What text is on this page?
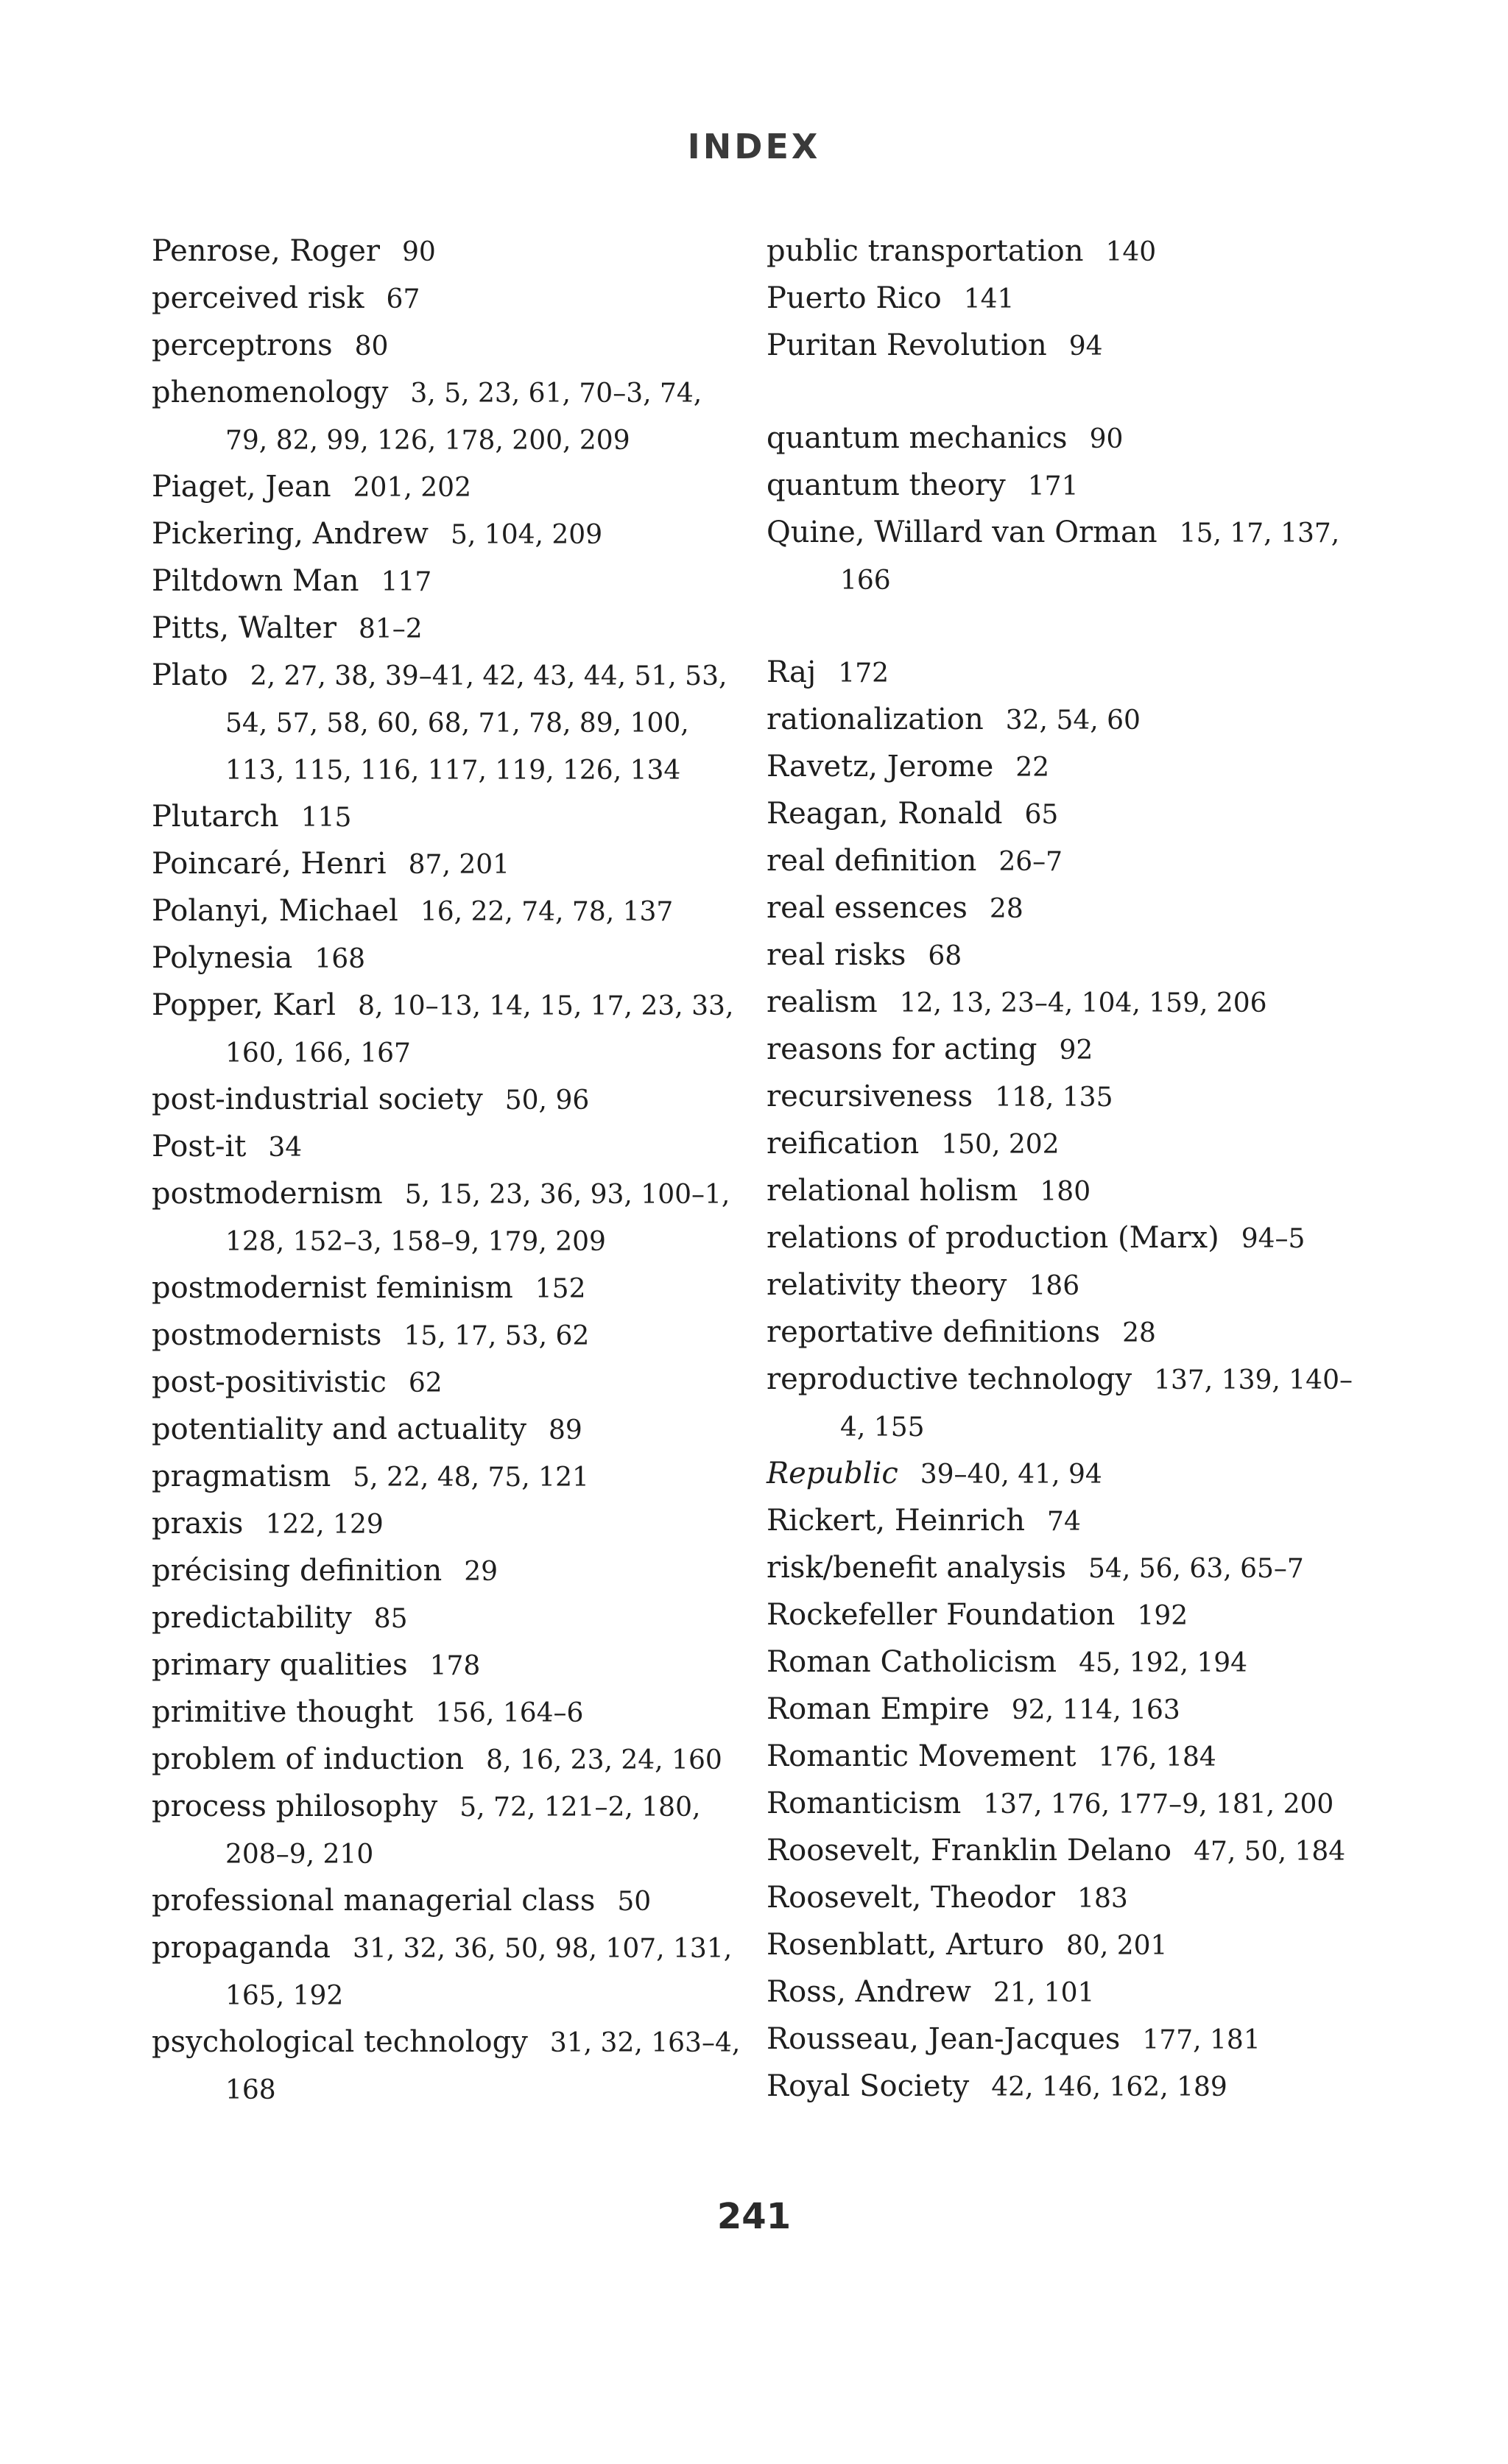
INDEX
Penrose, Roger 90
perceived risk 67
perceptrons 80
phenomenology 3, 5, 23, 61, 70–3, 74, 79, 82, 99, 126, 178, 200, 209
Piaget, Jean 201, 202
Pickering, Andrew 5, 104, 209
Piltdown Man 117
Pitts, Walter 81–2
Plato 2, 27, 38, 39–41, 42, 43, 44, 51, 53, 54, 57, 58, 60, 68, 71, 78, 89, 100, 113, 115, 116, 117, 119, 126, 134
Plutarch 115
Poincaré, Henri 87, 201
Polanyi, Michael 16, 22, 74, 78, 137
Polynesia 168
Popper, Karl 8, 10–13, 14, 15, 17, 23, 33, 160, 166, 167
post-industrial society 50, 96
Post-it 34
postmodernism 5, 15, 23, 36, 93, 100–1, 128, 152–3, 158–9, 179, 209
postmodernist feminism 152
postmodernists 15, 17, 53, 62
post-positivistic 62
potentiality and actuality 89
pragmatism 5, 22, 48, 75, 121
praxis 122, 129
précising definition 29
predictability 85
primary qualities 178
primitive thought 156, 164–6
problem of induction 8, 16, 23, 24, 160
process philosophy 5, 72, 121–2, 180, 208–9, 210
professional managerial class 50
propaganda 31, 32, 36, 50, 98, 107, 131, 165, 192
psychological technology 31, 32, 163–4, 168
public transportation 140
Puerto Rico 141
Puritan Revolution 94
quantum mechanics 90
quantum theory 171
Quine, Willard van Orman 15, 17, 137, 166
Raj 172
rationalization 32, 54, 60
Ravetz, Jerome 22
Reagan, Ronald 65
real definition 26–7
real essences 28
real risks 68
realism 12, 13, 23–4, 104, 159, 206
reasons for acting 92
recursiveness 118, 135
reification 150, 202
relational holism 180
relations of production (Marx) 94–5
relativity theory 186
reportative definitions 28
reproductive technology 137, 139, 140–4, 155
Republic 39–40, 41, 94
Rickert, Heinrich 74
risk/benefit analysis 54, 56, 63, 65–7
Rockefeller Foundation 192
Roman Catholicism 45, 192, 194
Roman Empire 92, 114, 163
Romantic Movement 176, 184
Romanticism 137, 176, 177–9, 181, 200
Roosevelt, Franklin Delano 47, 50, 184
Roosevelt, Theodor 183
Rosenblatt, Arturo 80, 201
Ross, Andrew 21, 101
Rousseau, Jean-Jacques 177, 181
Royal Society 42, 146, 162, 189

241
